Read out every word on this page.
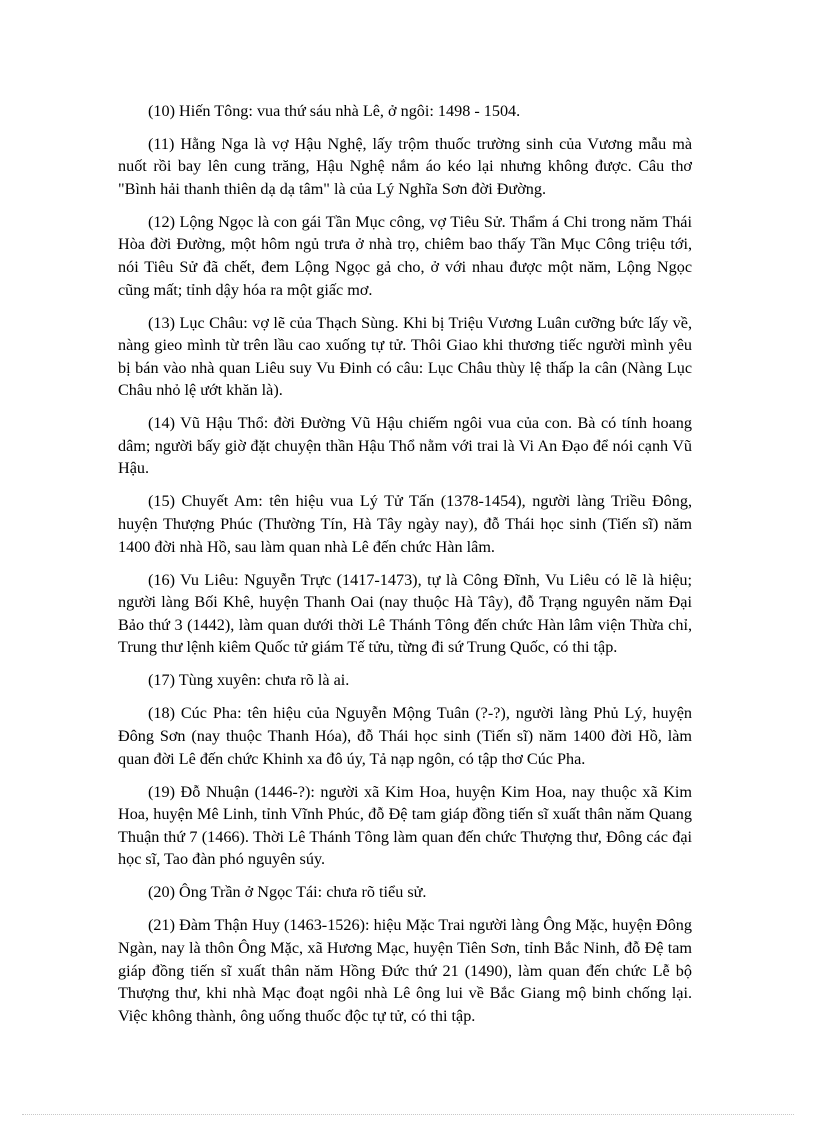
(10) Hiến Tông: vua thứ sáu nhà Lê, ở ngôi: 1498 - 1504.

(11) Hằng Nga là vợ Hậu Nghệ, lấy trộm thuốc trường sinh của Vương mẫu mà nuốt rồi bay lên cung trăng, Hậu Nghệ nắm áo kéo lại nhưng không được. Câu thơ "Bình hải thanh thiên dạ dạ tâm" là của Lý Nghĩa Sơn đời Đường.

(12) Lộng Ngọc là con gái Tần Mục công, vợ Tiêu Sử. Thẩm á Chi trong năm Thái Hòa đời Đường, một hôm ngủ trưa ở nhà trọ, chiêm bao thấy Tần Mục Công triệu tới, nói Tiêu Sử đã chết, đem Lộng Ngọc gả cho, ở với nhau được một năm, Lộng Ngọc cũng mất; tỉnh dậy hóa ra một giấc mơ.

(13) Lục Châu: vợ lẽ của Thạch Sùng. Khi bị Triệu Vương Luân cưỡng bức lấy về, nàng gieo mình từ trên lầu cao xuống tự tử. Thôi Giao khi thương tiếc người mình yêu bị bán vào nhà quan Liêu suy Vu Đinh có câu: Lục Châu thùy lệ thấp la cân (Nàng Lục Châu nhỏ lệ ướt khăn là).

(14) Vũ Hậu Thổ: đời Đường Vũ Hậu chiếm ngôi vua của con. Bà có tính hoang dâm; người bấy giờ đặt chuyện thần Hậu Thổ nằm với trai là Vi An Đạo để nói cạnh Vũ Hậu.

(15) Chuyết Am: tên hiệu vua Lý Tử Tấn (1378-1454), người làng Triều Đông, huyện Thượng Phúc (Thường Tín, Hà Tây ngày nay), đỗ Thái học sinh (Tiến sĩ) năm 1400 đời nhà Hồ, sau làm quan nhà Lê đến chức Hàn lâm.

(16) Vu Liêu: Nguyễn Trực (1417-1473), tự là Công Đĩnh, Vu Liêu có lẽ là hiệu; người làng Bối Khê, huyện Thanh Oai (nay thuộc Hà Tây), đỗ Trạng nguyên năm Đại Bảo thứ 3 (1442), làm quan dưới thời Lê Thánh Tông đến chức Hàn lâm viện Thừa chỉ, Trung thư lệnh kiêm Quốc tử giám Tế tửu, từng đi sứ Trung Quốc, có thi tập.

(17) Tùng xuyên: chưa rõ là ai.

(18) Cúc Pha: tên hiệu của Nguyễn Mộng Tuân (?-?), người làng Phủ Lý, huyện Đông Sơn (nay thuộc Thanh Hóa), đỗ Thái học sinh (Tiến sĩ) năm 1400 đời Hồ, làm quan đời Lê đến chức Khinh xa đô úy, Tả nạp ngôn, có tập thơ Cúc Pha.

(19) Đỗ Nhuận (1446-?): người xã Kim Hoa, huyện Kim Hoa, nay thuộc xã Kim Hoa, huyện Mê Linh, tỉnh Vĩnh Phúc, đỗ Đệ tam giáp đồng tiến sĩ xuất thân năm Quang Thuận thứ 7 (1466). Thời Lê Thánh Tông làm quan đến chức Thượng thư, Đông các đại học sĩ, Tao đàn phó nguyên súy.

(20) Ông Trần ở Ngọc Tái: chưa rõ tiểu sử.

(21) Đàm Thận Huy (1463-1526): hiệu Mặc Trai người làng Ông Mặc, huyện Đông Ngàn, nay là thôn Ông Mặc, xã Hương Mạc, huyện Tiên Sơn, tỉnh Bắc Ninh, đỗ Đệ tam giáp đồng tiến sĩ xuất thân năm Hồng Đức thứ 21 (1490), làm quan đến chức Lễ bộ Thượng thư, khi nhà Mạc đoạt ngôi nhà Lê ông lui về Bắc Giang mộ binh chống lại. Việc không thành, ông uống thuốc độc tự tử, có thi tập.
